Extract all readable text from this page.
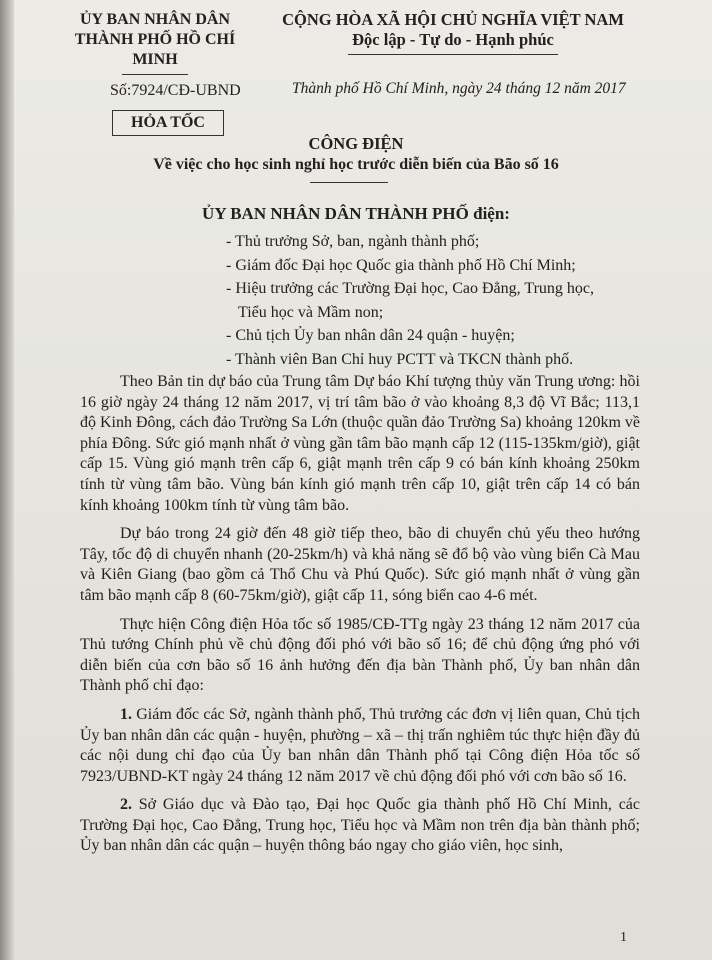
ỦY BAN NHÂN DÂN
THÀNH PHỐ HỒ CHÍ MINH
CỘNG HÒA XÃ HỘI CHỦ NGHĨA VIỆT NAM
Độc lập - Tự do - Hạnh phúc
Số:7924/CĐ-UBND	Thành phố Hồ Chí Minh, ngày 24 tháng 12 năm 2017
HỎA TỐC
CÔNG ĐIỆN
Về việc cho học sinh nghỉ học trước diễn biến của Bão số 16
ỦY BAN NHÂN DÂN THÀNH PHỐ điện:
- Thủ trưởng Sở, ban, ngành thành phố;
- Giám đốc Đại học Quốc gia thành phố Hồ Chí Minh;
- Hiệu trưởng các Trường Đại học, Cao Đẳng, Trung học,
Tiểu học và Mầm non;
- Chủ tịch Ủy ban nhân dân 24 quận - huyện;
- Thành viên Ban Chỉ huy PCTT và TKCN thành phố.

Theo Bản tin dự báo của Trung tâm Dự báo Khí tượng thủy văn Trung ương: hồi 16 giờ ngày 24 tháng 12 năm 2017, vị trí tâm bão ở vào khoảng 8,3 độ Vĩ Bắc; 113,1 độ Kinh Đông, cách đảo Trường Sa Lớn (thuộc quần đảo Trường Sa) khoảng 120km về phía Đông. Sức gió mạnh nhất ở vùng gần tâm bão mạnh cấp 12 (115-135km/giờ), giật cấp 15. Vùng gió mạnh trên cấp 6, giật mạnh trên cấp 9 có bán kính khoảng 250km tính từ vùng tâm bão. Vùng bán kính gió mạnh trên cấp 10, giật trên cấp 14 có bán kính khoảng 100km tính từ vùng tâm bão.

Dự báo trong 24 giờ đến 48 giờ tiếp theo, bão di chuyển chủ yếu theo hướng Tây, tốc độ di chuyển nhanh (20-25km/h) và khả năng sẽ đổ bộ vào vùng biển Cà Mau và Kiên Giang (bao gồm cả Thổ Chu và Phú Quốc). Sức gió mạnh nhất ở vùng gần tâm bão mạnh cấp 8 (60-75km/giờ), giật cấp 11, sóng biển cao 4-6 mét.

Thực hiện Công điện Hỏa tốc số 1985/CĐ-TTg ngày 23 tháng 12 năm 2017 của Thủ tướng Chính phủ về chủ động đối phó với bão số 16; để chủ động ứng phó với diễn biến của cơn bão số 16 ảnh hưởng đến địa bàn Thành phố, Ủy ban nhân dân Thành phố chỉ đạo:

1. Giám đốc các Sở, ngành thành phố, Thủ trưởng các đơn vị liên quan, Chủ tịch Ủy ban nhân dân các quận - huyện, phường – xã – thị trấn nghiêm túc thực hiện đầy đủ các nội dung chỉ đạo của Ủy ban nhân dân Thành phố tại Công điện Hỏa tốc số 7923/UBND-KT ngày 24 tháng 12 năm 2017 về chủ động đối phó với cơn bão số 16.

2. Sở Giáo dục và Đào tạo, Đại học Quốc gia thành phố Hồ Chí Minh, các Trường Đại học, Cao Đẳng, Trung học, Tiểu học và Mầm non trên địa bàn thành phố; Ủy ban nhân dân các quận – huyện thông báo ngay cho giáo viên, học sinh,

1
